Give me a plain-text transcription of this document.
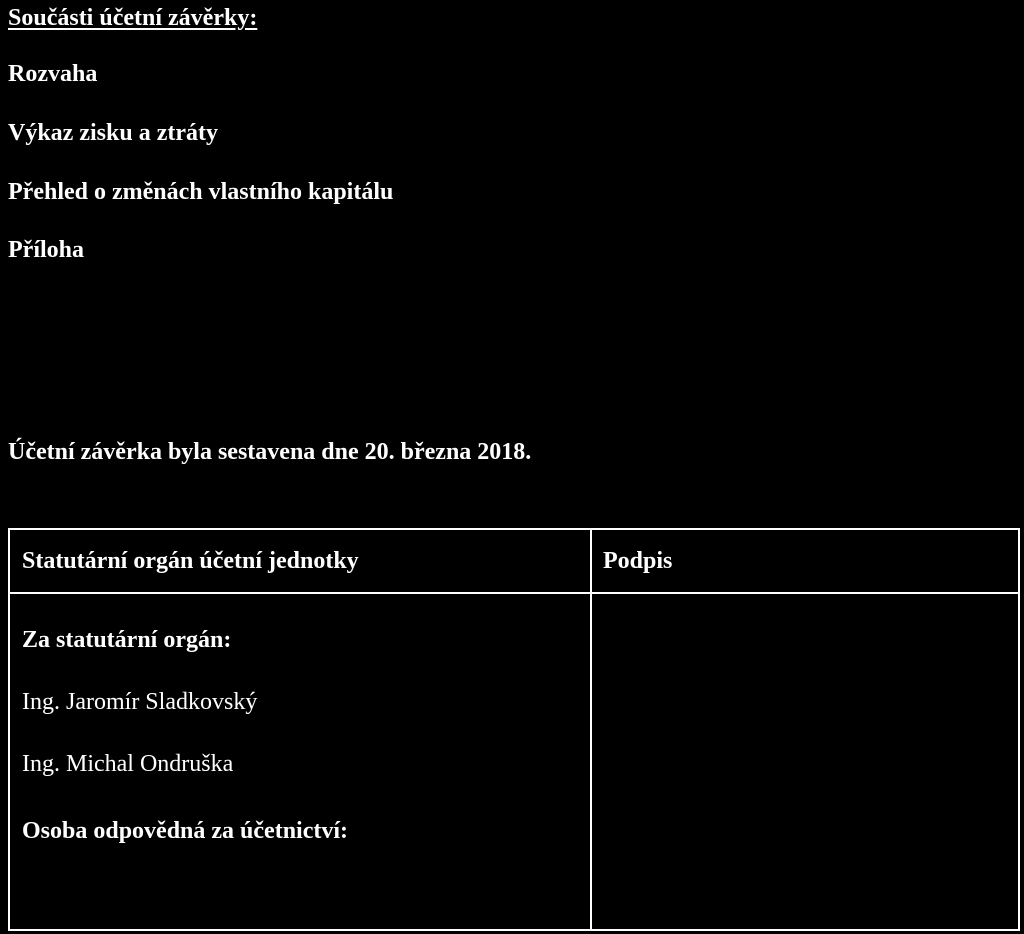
Součásti účetní závěrky:
Rozvaha
Výkaz zisku a ztráty
Přehled o změnách vlastního kapitálu
Příloha
Účetní závěrka byla sestavena dne 20. března 2018.
Statutární orgán účetní jednotky	Podpis
Za statutární orgán:
Ing. Jaromír Sladkovský
Ing. Michal Ondruška
Osoba odpovědná za účetnictví:
